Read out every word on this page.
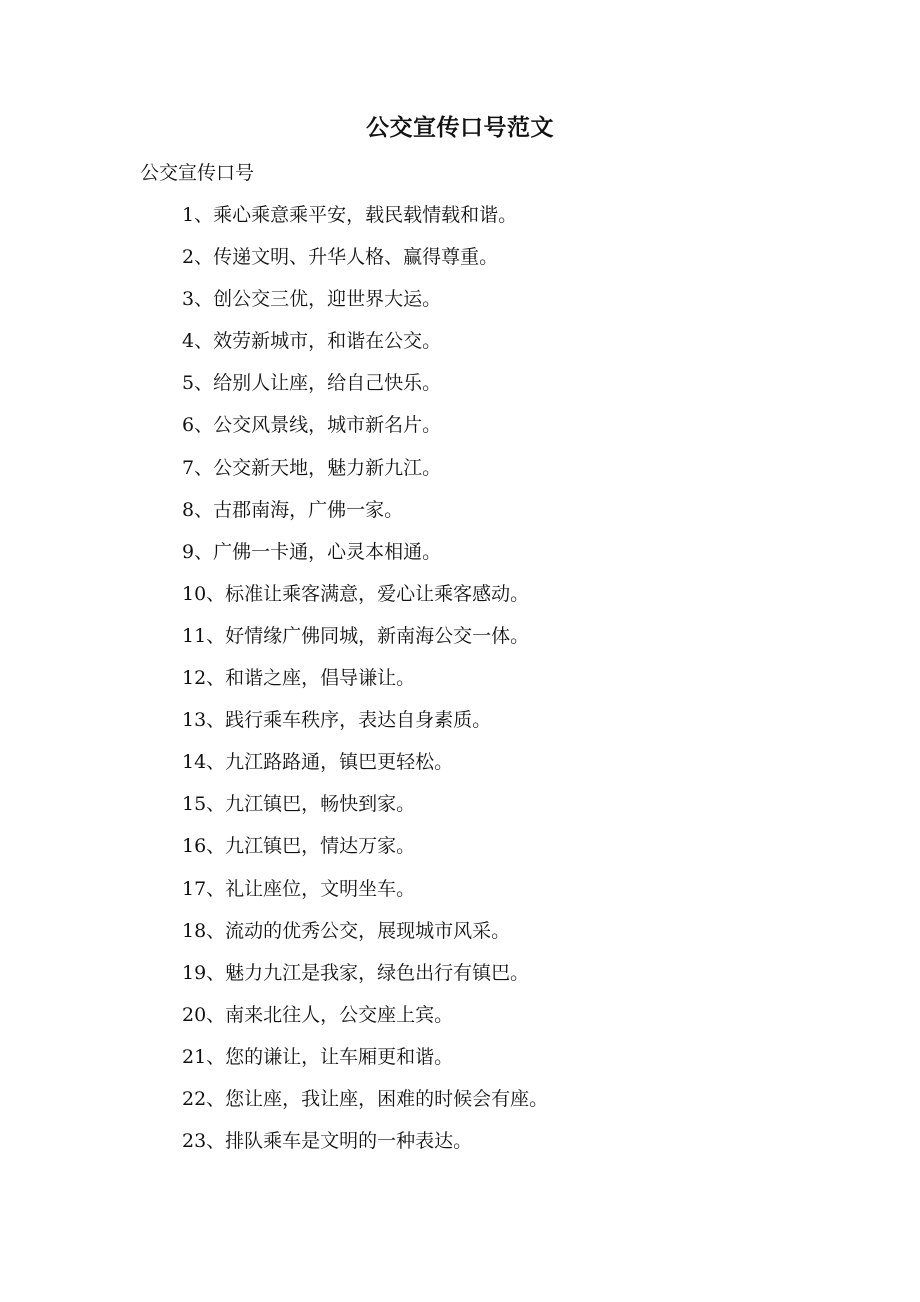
公交宣传口号范文
公交宣传口号
1、乘心乘意乘平安，载民载情载和谐。
2、传递文明、升华人格、赢得尊重。
3、创公交三优，迎世界大运。
4、效劳新城市，和谐在公交。
5、给别人让座，给自己快乐。
6、公交风景线，城市新名片。
7、公交新天地，魅力新九江。
8、古郡南海，广佛一家。
9、广佛一卡通，心灵本相通。
10、标准让乘客满意，爱心让乘客感动。
11、好情缘广佛同城，新南海公交一体。
12、和谐之座，倡导谦让。
13、践行乘车秩序，表达自身素质。
14、九江路路通，镇巴更轻松。
15、九江镇巴，畅快到家。
16、九江镇巴，情达万家。
17、礼让座位，文明坐车。
18、流动的优秀公交，展现城市风采。
19、魅力九江是我家，绿色出行有镇巴。
20、南来北往人，公交座上宾。
21、您的谦让，让车厢更和谐。
22、您让座，我让座，困难的时候会有座。
23、排队乘车是文明的一种表达。
